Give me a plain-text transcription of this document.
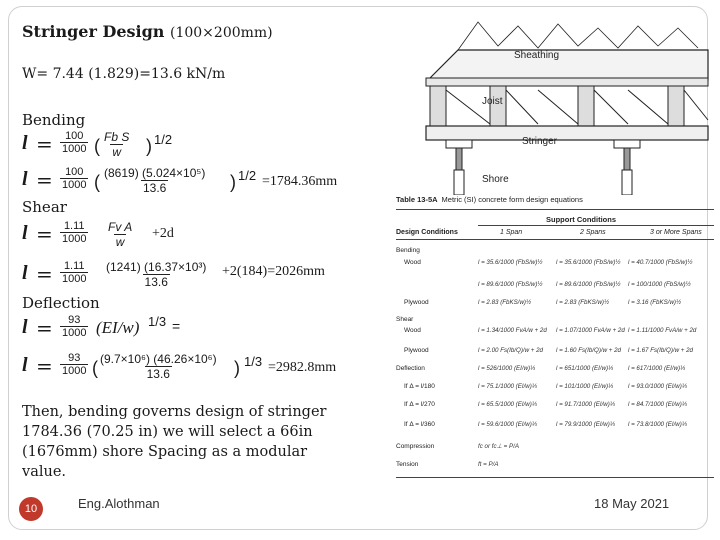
Stringer Design (100×200mm)
W= 7.44 (1.829)=13.6 kN/m
Bending
$l = \frac{100}{1000}$ ( $\frac{\text{Fb S}}{w}$ ) 1/2
$l = \frac{100}{1000}$ ( $\frac{\text{(8619) (5.024×10⁵)}}{13.6}$ ) 1/2 =1784.36mm
Shear
$l = \frac{1.11}{1000} \frac{\text{Fv A}}{w} +2d$
$l = \frac{1.11}{1000} \frac{\text{(1241) (16.37×10³)}}{13.6} +2(184)=2026mm$
Deflection
$l = \frac{93}{1000} (EI/w) 1/3$ =
$l = \frac{93}{1000}$ ( $\frac{\text{(9.7×10⁶) (46.26×10⁶)}}{13.6}$ ) 1/3 =2982.8mm
Then, bending governs design of stringer 1784.36 (70.25 in) we will select a 66in (1676mm) shore Spacing as a modular value.
Sheathing
Joist
Stringer
Shore
Table 13-5A Metric (SI) concrete form design equations
Support Conditions
Design Conditions	1 Span	2 Spans	3 or More Spans
Bending
Wood	l = 35.6/1000 (FbS/w)½ l = 35.6/1000 (FbS/w)½ l = 40.7/1000 (FbS/w)½
l = 89.6/1000 (FbS/w)½ l = 89.6/1000 (FbS/w)½ l = 100/1000 (FbS/w)½
Plywood	l = 2.83 (FbKS/w)½	l = 2.83 (FbKS/w)½	l = 3.16 (FbKS/w)½
Shear
Wood	l = 1.34/1000 FvA/w + 2d l = 1.07/1000 FvA/w + 2d l = 1.11/1000 FvA/w + 2d
Plywood	l = 2.00 Fs(Ib/Q)/w + 2d l = 1.60 Fs(Ib/Q)/w + 2d l = 1.67 Fs(Ib/Q)/w + 2d
Deflection	l = 526/1000 (EI/w)⅓	l = 651/1000 (EI/w)⅓ l = 617/1000 (EI/w)⅓
If Δ = l/180	l = 75.1/1000 (EI/w)⅓	l = 101/1000 (EI/w)⅓ l = 93.0/1000 (EI/w)⅓
If Δ = l/270	l = 65.5/1000 (EI/w)⅓	l = 91.7/1000 (EI/w)⅓ l = 84.7/1000 (EI/w)⅓
If Δ = l/360	l = 59.6/1000 (EI/w)⅓	l = 79.9/1000 (EI/w)⅓ l = 73.8/1000 (EI/w)⅓
Compression	fc or fc⊥ = P/A
Tension	ft = P/A
10	Eng.Alothman	18 May 2021
